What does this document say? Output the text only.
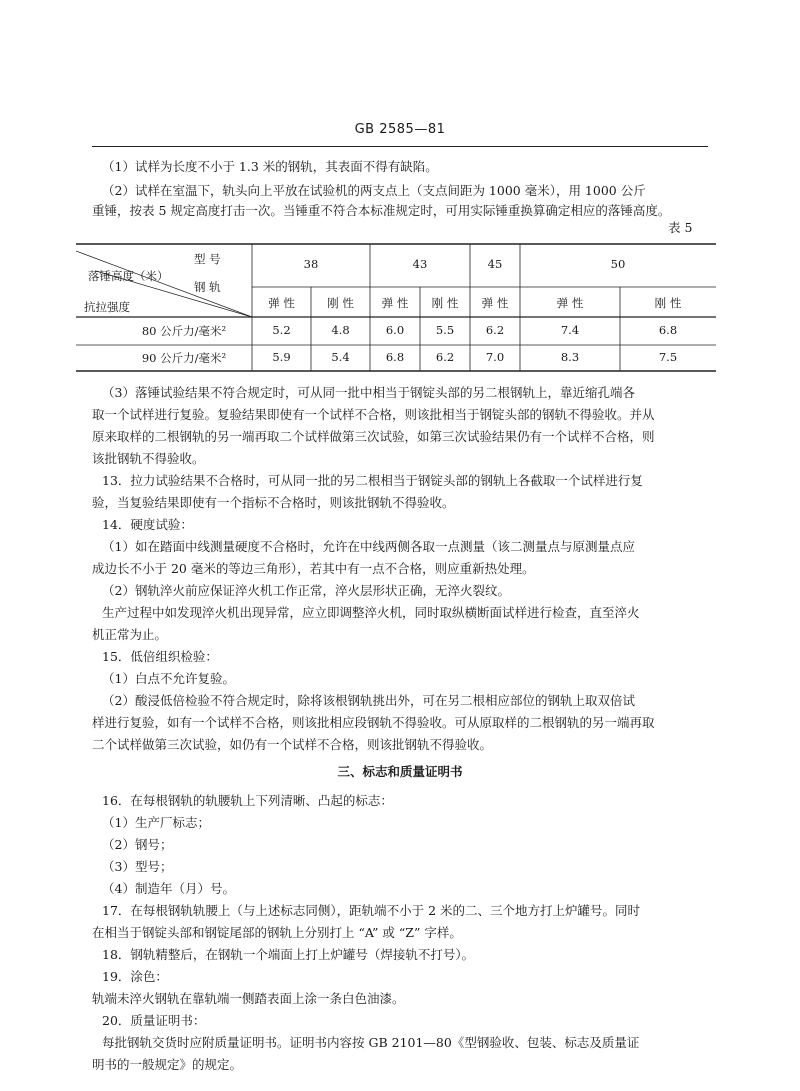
GB 2585—81
（1）试样为长度不小于 1.3 米的钢轨，其表面不得有缺陷。
（2）试样在室温下，轨头向上平放在试验机的两支点上（支点间距为 1000 毫米），用 1000 公斤
重锤，按表 5 规定高度打击一次。当锤重不符合本标准规定时，可用实际锤重换算确定相应的落锤高度。
表 5
型 号
落锤高度（米）
钢 轨
抗拉强度
38	43	45	50
弹 性	刚 性	弹 性	刚 性	弹 性	弹 性	刚 性
80 公斤力/毫米²	5.2	4.8	6.0	5.5	6.2	7.4	6.8
90 公斤力/毫米²	5.9	5.4	6.8	6.2	7.0	8.3	7.5
（3）落锤试验结果不符合规定时，可从同一批中相当于钢锭头部的另二根钢轨上，靠近缩孔端各
取一个试样进行复验。复验结果即使有一个试样不合格，则该批相当于钢锭头部的钢轨不得验收。并从
原来取样的二根钢轨的另一端再取二个试样做第三次试验，如第三次试验结果仍有一个试样不合格，则
该批钢轨不得验收。
13．拉力试验结果不合格时，可从同一批的另二根相当于钢锭头部的钢轨上各截取一个试样进行复
验，当复验结果即使有一个指标不合格时，则该批钢轨不得验收。
14．硬度试验：
（1）如在踏面中线测量硬度不合格时，允许在中线两侧各取一点测量（该二测量点与原测量点应
成边长不小于 20 毫米的等边三角形），若其中有一点不合格，则应重新热处理。
（2）钢轨淬火前应保证淬火机工作正常，淬火层形状正确，无淬火裂纹。
生产过程中如发现淬火机出现异常，应立即调整淬火机，同时取纵横断面试样进行检查，直至淬火
机正常为止。
15．低倍组织检验：
（1）白点不允许复验。
（2）酸浸低倍检验不符合规定时，除将该根钢轨挑出外，可在另二根相应部位的钢轨上取双倍试
样进行复验，如有一个试样不合格，则该批相应段钢轨不得验收。可从原取样的二根钢轨的另一端再取
二个试样做第三次试验，如仍有一个试样不合格，则该批钢轨不得验收。
三、标志和质量证明书
16．在每根钢轨的轨腰轨上下列清晰、凸起的标志：
（1）生产厂标志；
（2）钢号；
（3）型号；
（4）制造年（月）号。
17．在每根钢轨轨腰上（与上述标志同侧），距轨端不小于 2 米的二、三个地方打上炉罐号。同时
在相当于钢锭头部和钢锭尾部的钢轨上分别打上 “A” 或 “Z” 字样。
18．钢轨精整后，在钢轨一个端面上打上炉罐号（焊接轨不打号）。
19．涂色：
轨端未淬火钢轨在靠轨端一侧踏表面上涂一条白色油漆。
20．质量证明书：
每批钢轨交货时应附质量证明书。证明书内容按 GB 2101—80《型钢验收、包装、标志及质量证
明书的一般规定》的规定。
